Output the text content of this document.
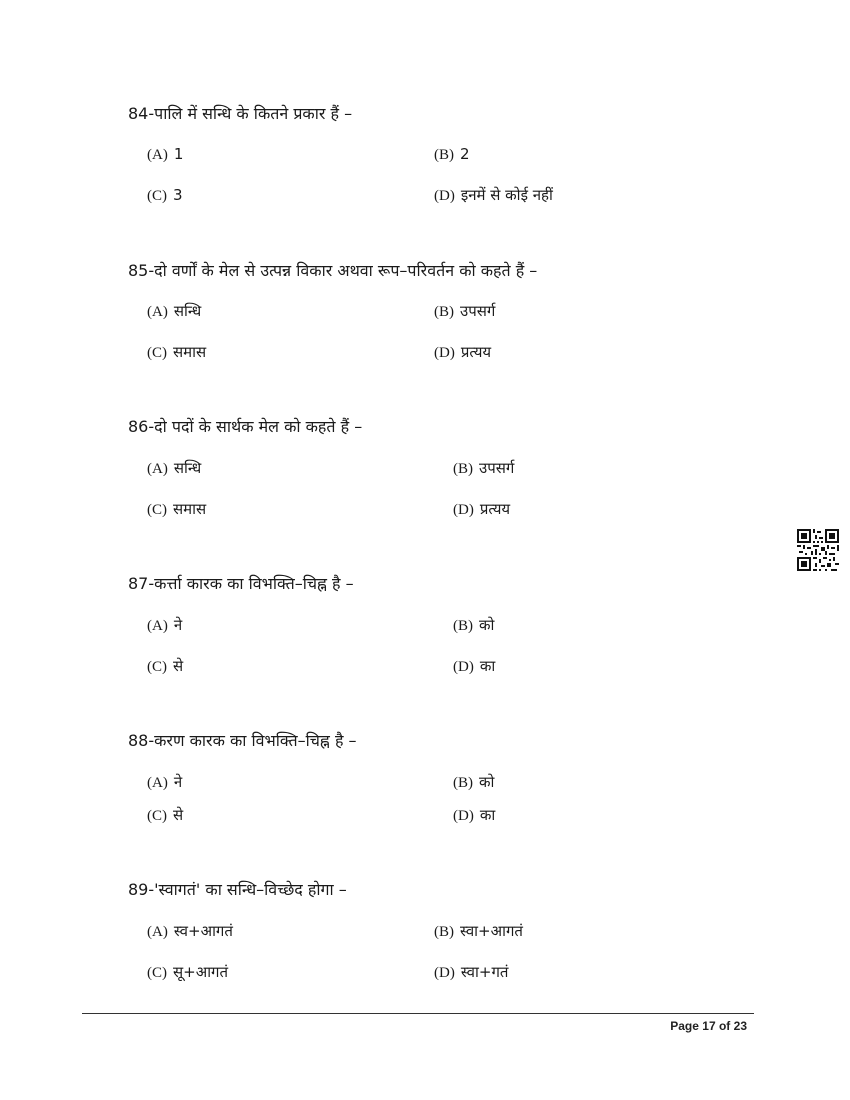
84-पालि में सन्धि के कितने प्रकार हैं –
(A) 1	(B) 2
(C) 3	(D) इनमें से कोई नहीं
85-दो वर्णों के मेल से उत्पन्न विकार अथवा रूप–परिवर्तन को कहते हैं –
(A) सन्धि	(B) उपसर्ग
(C) समास	(D) प्रत्यय
86-दो पदों के सार्थक मेल को कहते हैं –
(A) सन्धि	(B) उपसर्ग
(C) समास	(D) प्रत्यय
87-कर्त्ता कारक का विभक्ति–चिह्न है –
(A) ने	(B) को
(C) से	(D) का
88-करण कारक का विभक्ति–चिह्न है –
(A) ने	(B) को
(C) से	(D) का
89-'स्वागतं' का सन्धि–विच्छेद होगा –
(A) स्व+आगतं	(B) स्वा+आगतं
(C) सू+आगतं	(D) स्वा+गतं
Page 17 of 23
